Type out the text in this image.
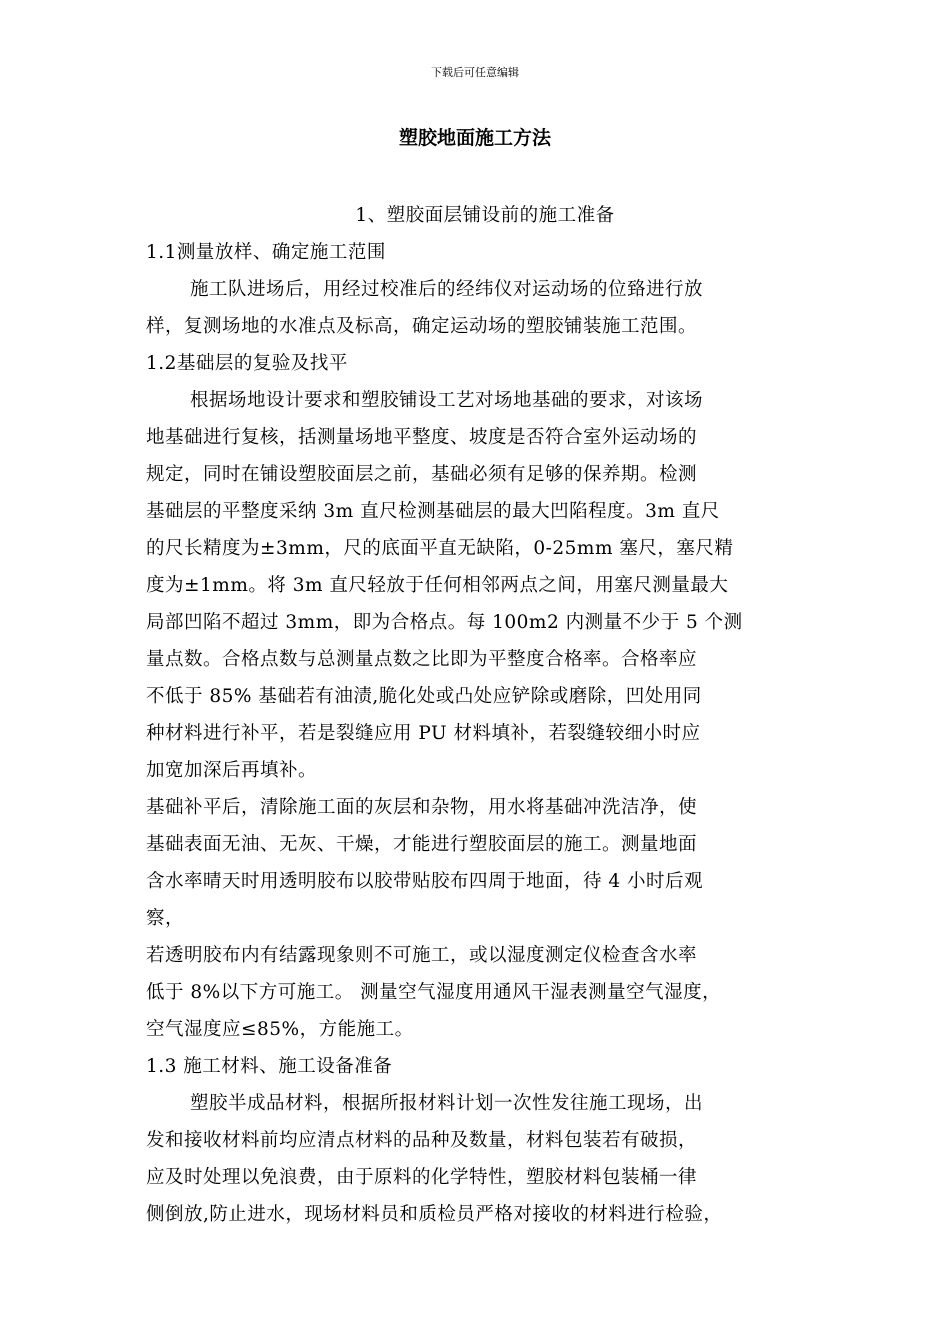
下载后可任意编辑
塑胶地面施工方法

1、塑胶面层铺设前的施工准备

1.1测量放样、确定施工范围

施工队进场后，用经过校准后的经纬仪对运动场的位臵进行放

样，复测场地的水准点及标高，确定运动场的塑胶铺装施工范围。

1.2基础层的复验及找平

根据场地设计要求和塑胶铺设工艺对场地基础的要求，对该场

地基础进行复核，括测量场地平整度、坡度是否符合室外运动场的

规定，同时在铺设塑胶面层之前，基础必须有足够的保养期。检测

基础层的平整度采纳 3m 直尺检测基础层的最大凹陷程度。3m 直尺

的尺长精度为±3mm，尺的底面平直无缺陷，0-25mm 塞尺，塞尺精

度为±1mm。将 3m 直尺轻放于任何相邻两点之间，用塞尺测量最大

局部凹陷不超过 3mm，即为合格点。每 100m2 内测量不少于 5 个测

量点数。合格点数与总测量点数之比即为平整度合格率。合格率应

不低于 85% 基础若有油渍,脆化处或凸处应铲除或磨除，凹处用同

种材料进行补平，若是裂缝应用 PU 材料填补，若裂缝较细小时应

加宽加深后再填补。

基础补平后，清除施工面的灰层和杂物，用水将基础冲洗洁净，使

基础表面无油、无灰、干燥，才能进行塑胶面层的施工。测量地面

含水率晴天时用透明胶布以胶带贴胶布四周于地面，待 4 小时后观

察，

若透明胶布内有结露现象则不可施工，或以湿度测定仪检查含水率

低于 8%以下方可施工。 测量空气湿度用通风干湿表测量空气湿度，

空气湿度应≤85%，方能施工。

1.3 施工材料、施工设备准备

塑胶半成品材料，根据所报材料计划一次性发往施工现场，出

发和接收材料前均应清点材料的品种及数量，材料包装若有破损，

应及时处理以免浪费，由于原料的化学特性，塑胶材料包装桶一律

侧倒放,防止进水，现场材料员和质检员严格对接收的材料进行检验，
